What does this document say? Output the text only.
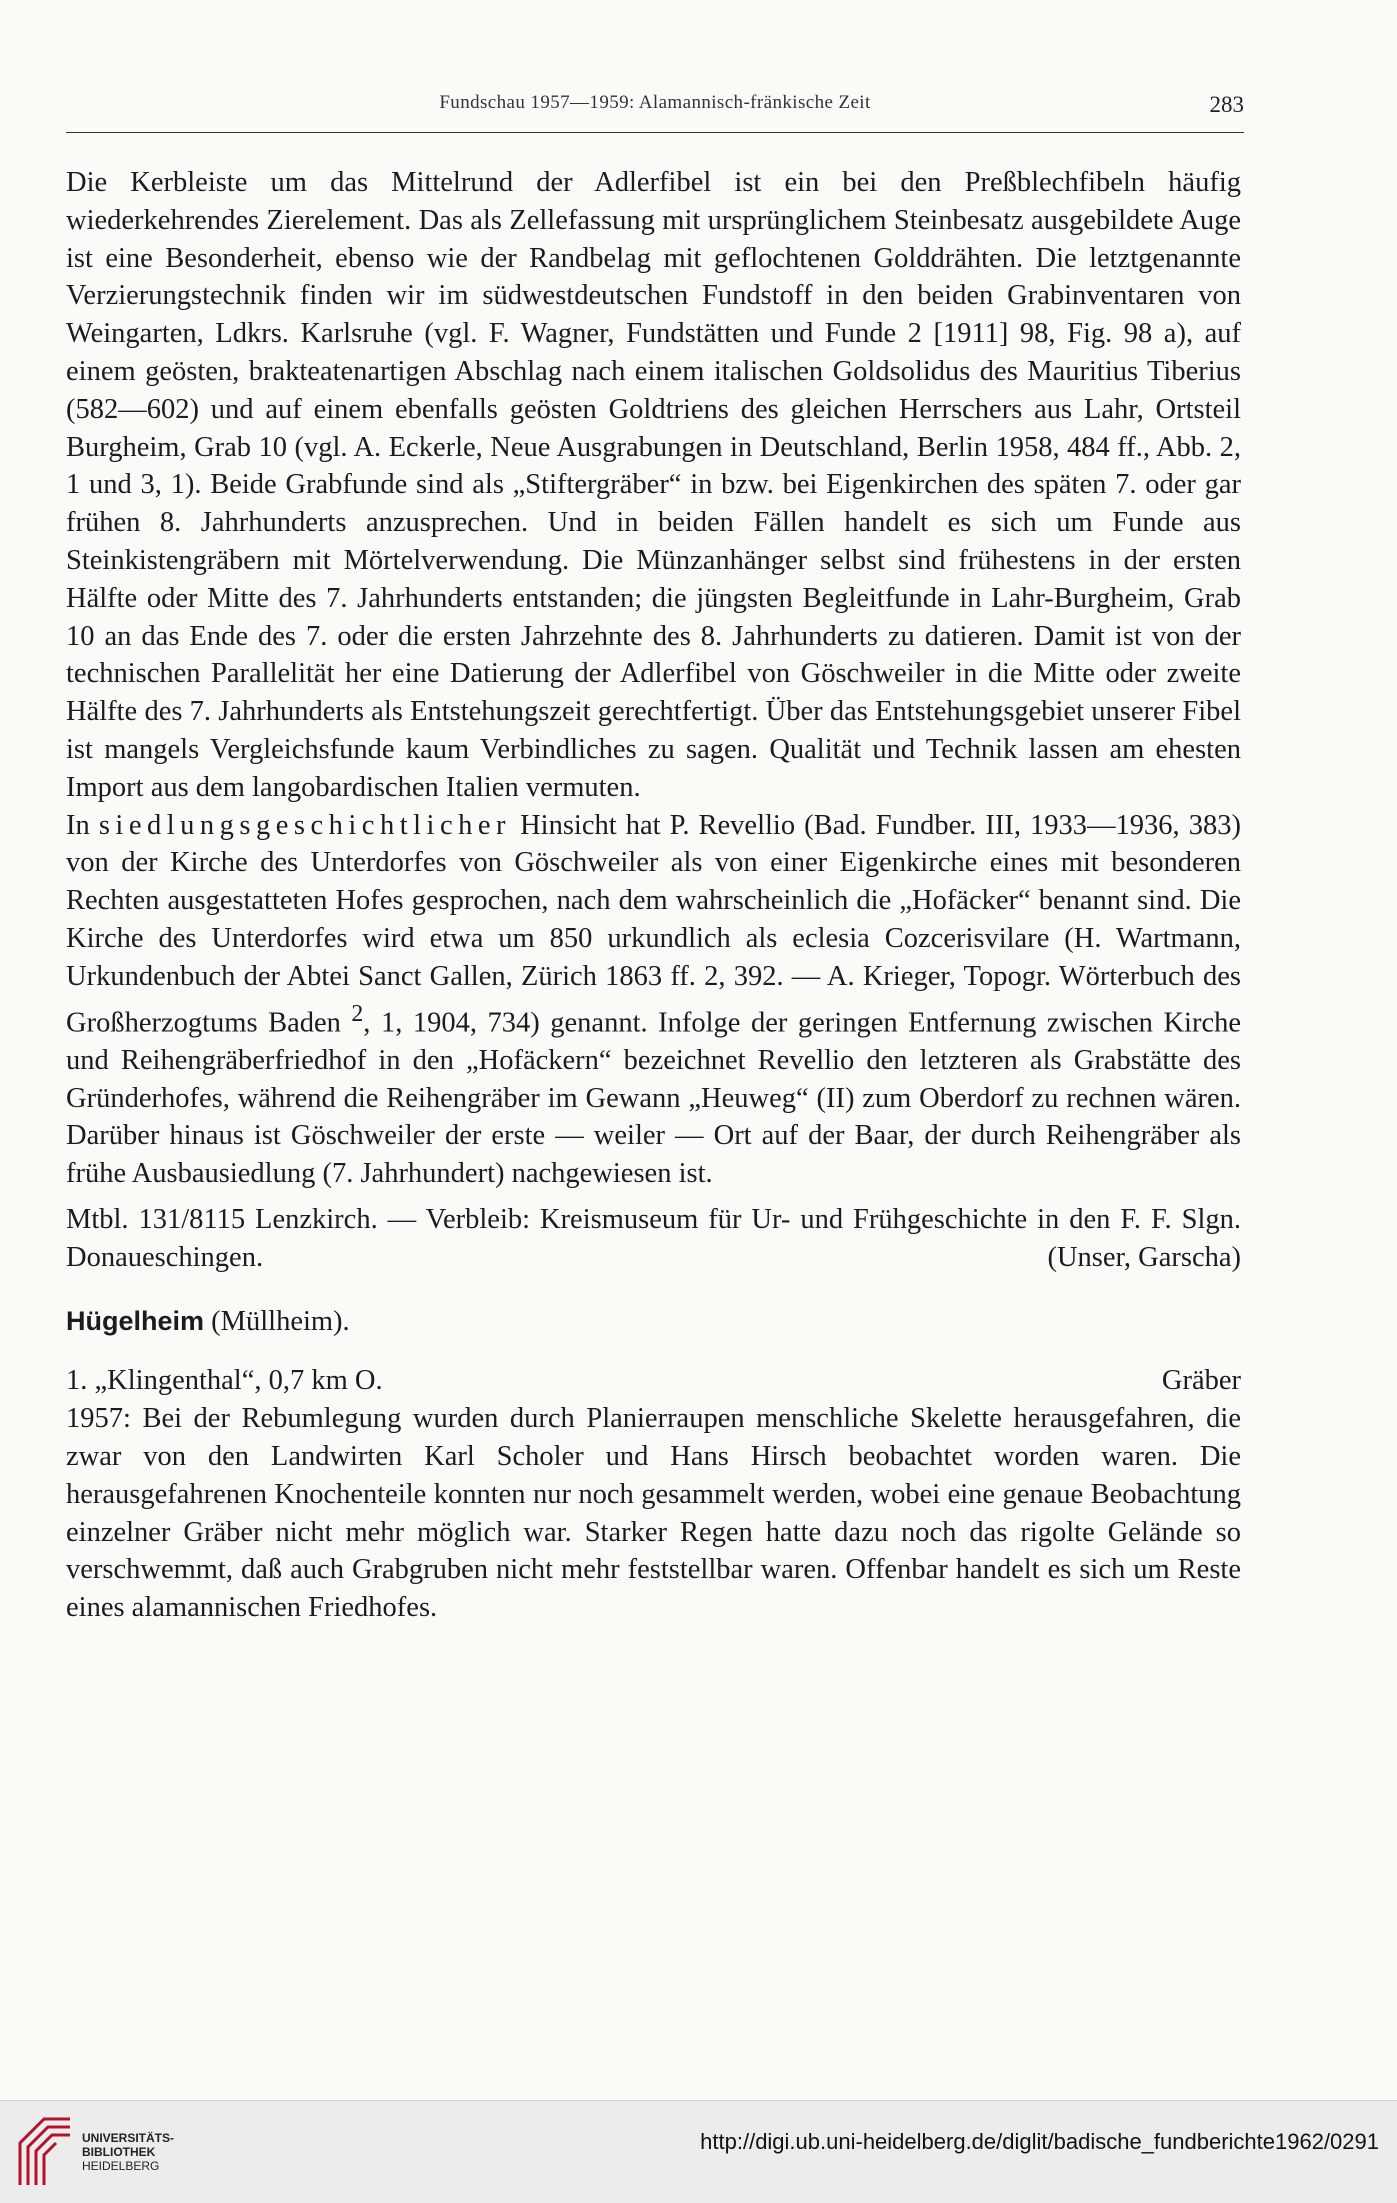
Fundschau 1957—1959: Alamannisch-fränkische Zeit	283

Die Kerbleiste um das Mittelrund der Adlerfibel ist ein bei den Preßblechfibeln häufig wiederkehrendes Zierelement. Das als Zellefassung mit ursprünglichem Steinbesatz ausgebildete Auge ist eine Besonderheit, ebenso wie der Randbelag mit geflochtenen Golddrähten. Die letztgenannte Verzierungstechnik finden wir im südwestdeutschen Fundstoff in den beiden Grabinventaren von Weingarten, Ldkrs. Karlsruhe (vgl. F. Wagner, Fundstätten und Funde 2 [1911] 98, Fig. 98 a), auf einem geösten, brakteatenartigen Abschlag nach einem italischen Goldsolidus des Mauritius Tiberius (582—602) und auf einem ebenfalls geösten Goldtriens des gleichen Herrschers aus Lahr, Ortsteil Burgheim, Grab 10 (vgl. A. Eckerle, Neue Ausgrabungen in Deutschland, Berlin 1958, 484 ff., Abb. 2, 1 und 3, 1). Beide Grabfunde sind als „Stiftergräber“ in bzw. bei Eigenkirchen des späten 7. oder gar frühen 8. Jahrhunderts anzusprechen. Und in beiden Fällen handelt es sich um Funde aus Steinkistengräbern mit Mörtelverwendung. Die Münzanhänger selbst sind frühestens in der ersten Hälfte oder Mitte des 7. Jahrhunderts entstanden; die jüngsten Begleitfunde in Lahr-Burgheim, Grab 10 an das Ende des 7. oder die ersten Jahrzehnte des 8. Jahrhunderts zu datieren. Damit ist von der technischen Parallelität her eine Datierung der Adlerfibel von Göschweiler in die Mitte oder zweite Hälfte des 7. Jahrhunderts als Entstehungszeit gerechtfertigt. Über das Entstehungsgebiet unserer Fibel ist mangels Vergleichsfunde kaum Verbindliches zu sagen. Qualität und Technik lassen am ehesten Import aus dem langobardischen Italien vermuten.

In siedlungsgeschichtlicher Hinsicht hat P. Revellio (Bad. Fundber. III, 1933—1936, 383) von der Kirche des Unterdorfes von Göschweiler als von einer Eigenkirche eines mit besonderen Rechten ausgestatteten Hofes gesprochen, nach dem wahrscheinlich die „Hofäcker“ benannt sind. Die Kirche des Unterdorfes wird etwa um 850 urkundlich als eclesia Cozcerisvilare (H. Wartmann, Urkundenbuch der Abtei Sanct Gallen, Zürich 1863 ff. 2, 392. — A. Krieger, Topogr. Wörterbuch des Großherzogtums Baden $^2$, 1, 1904, 734) genannt. Infolge der geringen Entfernung zwischen Kirche und Reihengräberfriedhof in den „Hofäckern“ bezeichnet Revellio den letzteren als Grabstätte des Gründerhofes, während die Reihengräber im Gewann „Heuweg“ (II) zum Oberdorf zu rechnen wären. Darüber hinaus ist Göschweiler der erste — weiler — Ort auf der Baar, der durch Reihengräber als frühe Ausbausiedlung (7. Jahrhundert) nachgewiesen ist.

Mtbl. 131/8115 Lenzkirch. — Verbleib: Kreismuseum für Ur- und Frühgeschichte in den F. F. Slgn. Donaueschingen.	(Unser, Garscha)

Hügelheim (Müllheim).

1. „Klingenthal“, 0,7 km O.	Gräber

1957: Bei der Rebumlegung wurden durch Planierraupen menschliche Skelette herausgefahren, die zwar von den Landwirten Karl Scholer und Hans Hirsch beobachtet worden waren. Die herausgefahrenen Knochenteile konnten nur noch gesammelt werden, wobei eine genaue Beobachtung einzelner Gräber nicht mehr möglich war. Starker Regen hatte dazu noch das rigolte Gelände so verschwemmt, daß auch Grabgruben nicht mehr feststellbar waren. Offenbar handelt es sich um Reste eines alamannischen Friedhofes.

UNIVERSITÄTS-
BIBLIOTHEK
HEIDELBERG
http://digi.ub.uni-heidelberg.de/diglit/badische_fundberichte1962/0291
